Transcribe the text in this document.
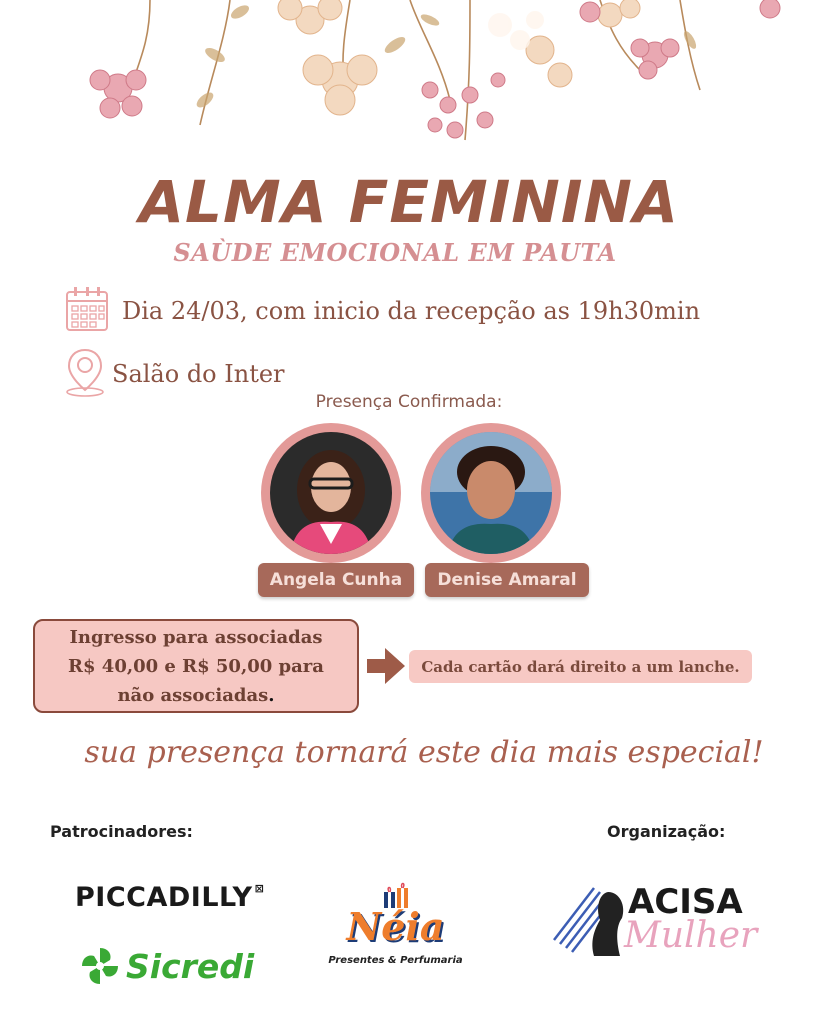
ALMA FEMININA
SAÙDE EMOCIONAL EM PAUTA
Dia 24/03, com inicio da recepção as 19h30min
Salão do Inter
Presença Confirmada:
Angela Cunha	Denise Amaral
Ingresso para associadas
R$ 40,00 e R$ 50,00 para
não associadas.
Cada cartão dará direito a um lanche.
sua presença tornará este dia mais especial!
Patrocinadores:	Organização:
PICCADILLY ⊠
Sicredi
Néia
Presentes & Perfumaria
ACISA
Mulher
